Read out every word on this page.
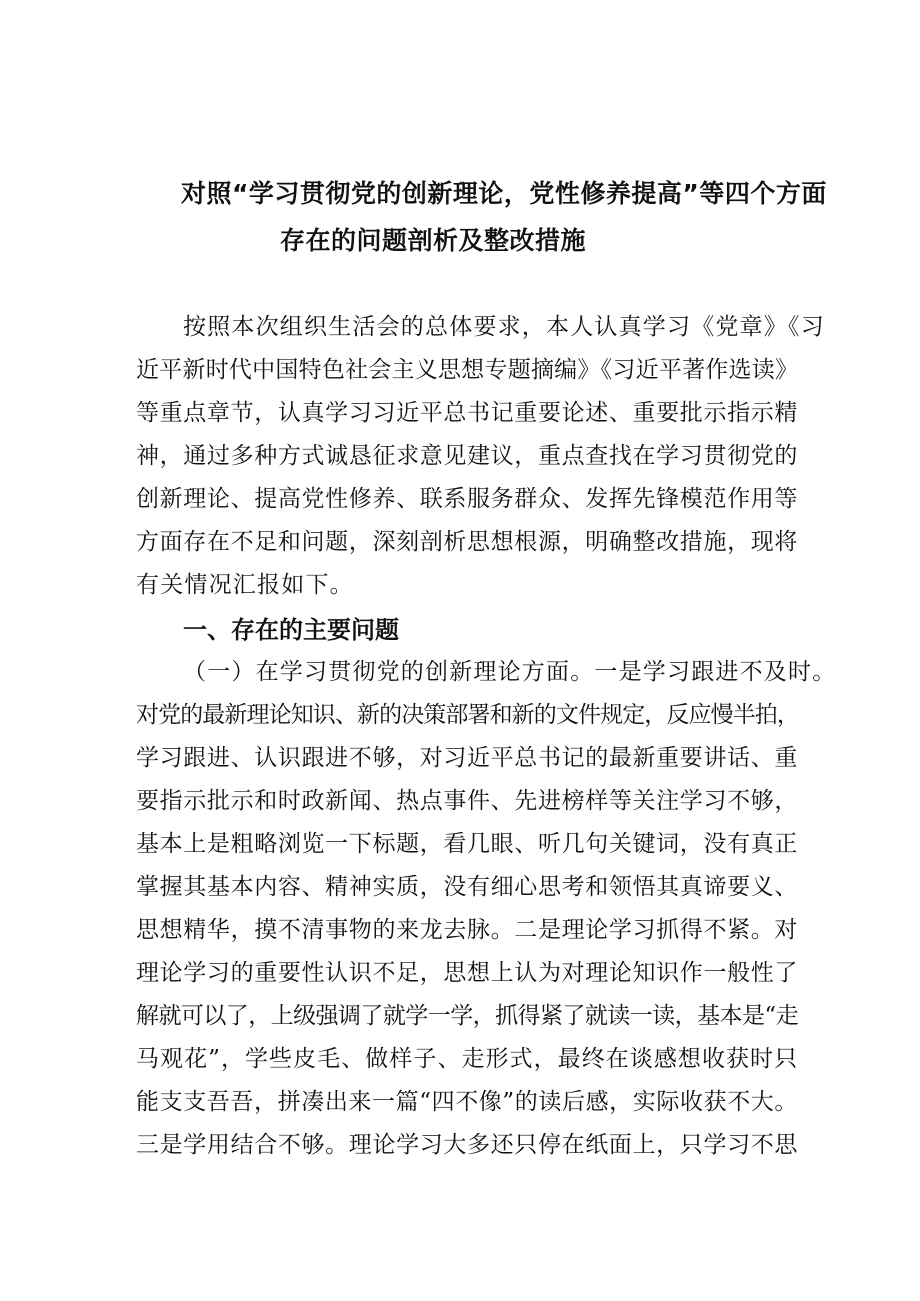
对照“学习贯彻党的创新理论，党性修养提高”等四个方面
存在的问题剖析及整改措施
按照本次组织生活会的总体要求，本人认真学习《党章》《习
近平新时代中国特色社会主义思想专题摘编》《习近平著作选读》
等重点章节，认真学习习近平总书记重要论述、重要批示指示精
神，通过多种方式诚恳征求意见建议，重点查找在学习贯彻党的
创新理论、提高党性修养、联系服务群众、发挥先锋模范作用等
方面存在不足和问题，深刻剖析思想根源，明确整改措施，现将
有关情况汇报如下。
一、存在的主要问题
（一）在学习贯彻党的创新理论方面。一是学习跟进不及时。
对党的最新理论知识、新的决策部署和新的文件规定，反应慢半拍，
学习跟进、认识跟进不够，对习近平总书记的最新重要讲话、重
要指示批示和时政新闻、热点事件、先进榜样等关注学习不够，
基本上是粗略浏览一下标题，看几眼、听几句关键词，没有真正
掌握其基本内容、精神实质，没有细心思考和领悟其真谛要义、
思想精华，摸不清事物的来龙去脉。二是理论学习抓得不紧。对
理论学习的重要性认识不足，思想上认为对理论知识作一般性了
解就可以了，上级强调了就学一学，抓得紧了就读一读，基本是“走
马观花”，学些皮毛、做样子、走形式，最终在谈感想收获时只
能支支吾吾，拼凑出来一篇“四不像”的读后感，实际收获不大。
三是学用结合不够。理论学习大多还只停在纸面上，只学习不思
